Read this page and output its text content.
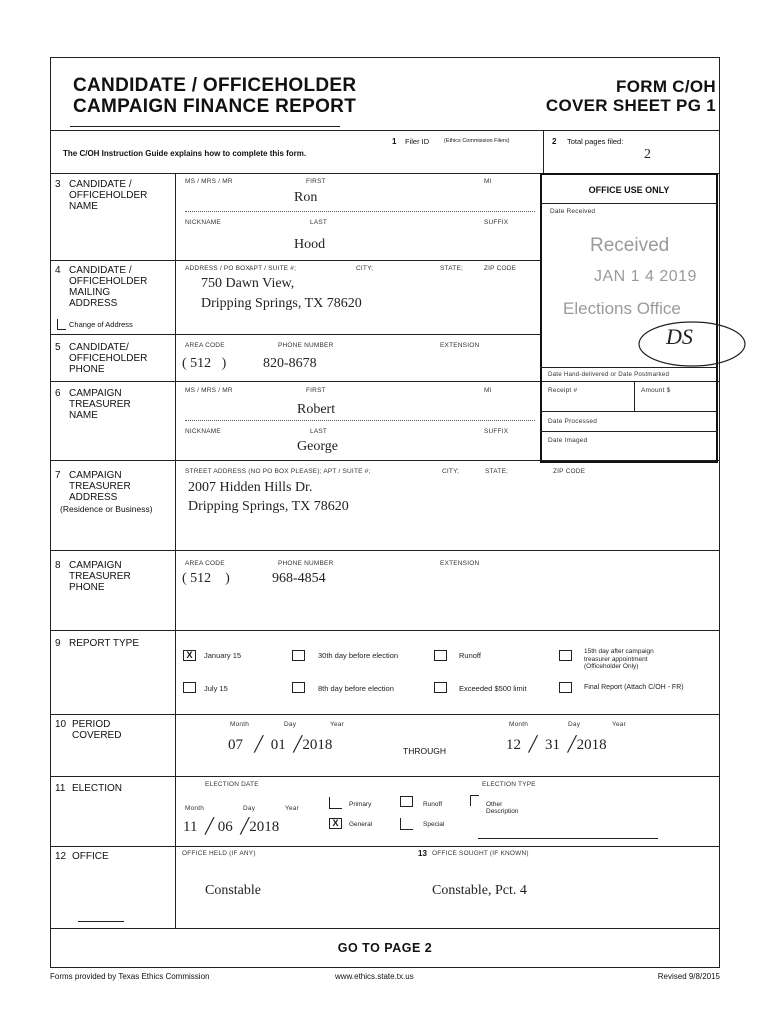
CANDIDATE / OFFICEHOLDER
CAMPAIGN FINANCE REPORT
FORM C/OH
COVER SHEET PG 1
The C/OH Instruction Guide explains how to complete this form.
1 Filer ID	(Ethics Commission Filers)	2 Total pages filed:
2
3 CANDIDATE /
OFFICEHOLDER
NAME
MS / MRS / MR	FIRST	MI
Ron
NICKNAME	LAST	SUFFIX
Hood
4 CANDIDATE /
OFFICEHOLDER
MAILING
ADDRESS
Change of Address
ADDRESS / PO BOX;
APT / SUITE #;	CITY;	STATE;	ZIP CODE
750 Dawn View,
Dripping Springs, TX 78620
5 CANDIDATE/
OFFICEHOLDER
PHONE
AREA CODE	PHONE NUMBER	EXTENSION
( 512   )	820-8678
6 CAMPAIGN
TREASURER
NAME
MS / MRS / MR	FIRST	MI
Robert
NICKNAME	LAST	SUFFIX
George
OFFICE USE ONLY
Date Received
Received
JAN 1 4 2019
Elections Office
DS
Date Hand-delivered or Date Postmarked
Receipt #	Amount $
Date Processed
Date Imaged
7 CAMPAIGN
TREASURER
ADDRESS
(Residence or Business)
STREET ADDRESS (NO PO BOX PLEASE); APT / SUITE #;	CITY;	STATE;	ZIP CODE
2007 Hidden Hills Dr.
Dripping Springs, TX 78620
8 CAMPAIGN
TREASURER
PHONE
AREA CODE	PHONE NUMBER	EXTENSION
( 512    )	968-4854
9 REPORT TYPE
X	January 15	30th day before election	Runoff	15th day after campaign
treasurer appointment
(Officeholder Only)
July 15	8th day before election	Exceeded $500 limit	Final Report (Attach C/OH - FR)
10 PERIOD
COVERED
Month	Day	Year
07   ╱  01  ╱2018	THROUGH
Month	Day	Year
12  ╱  31  ╱2018
11 ELECTION	ELECTION DATE	ELECTION TYPE
Month	Day	Year
11  ╱ 06  ╱2018
Primary	Runoff	Other
Description
X	General	Special
12 OFFICE	OFFICE HELD (IF ANY)
Constable
13 OFFICE SOUGHT (IF KNOWN)
Constable, Pct. 4
GO TO PAGE 2
Forms provided by Texas Ethics Commission	www.ethics.state.tx.us	Revised 9/8/2015
